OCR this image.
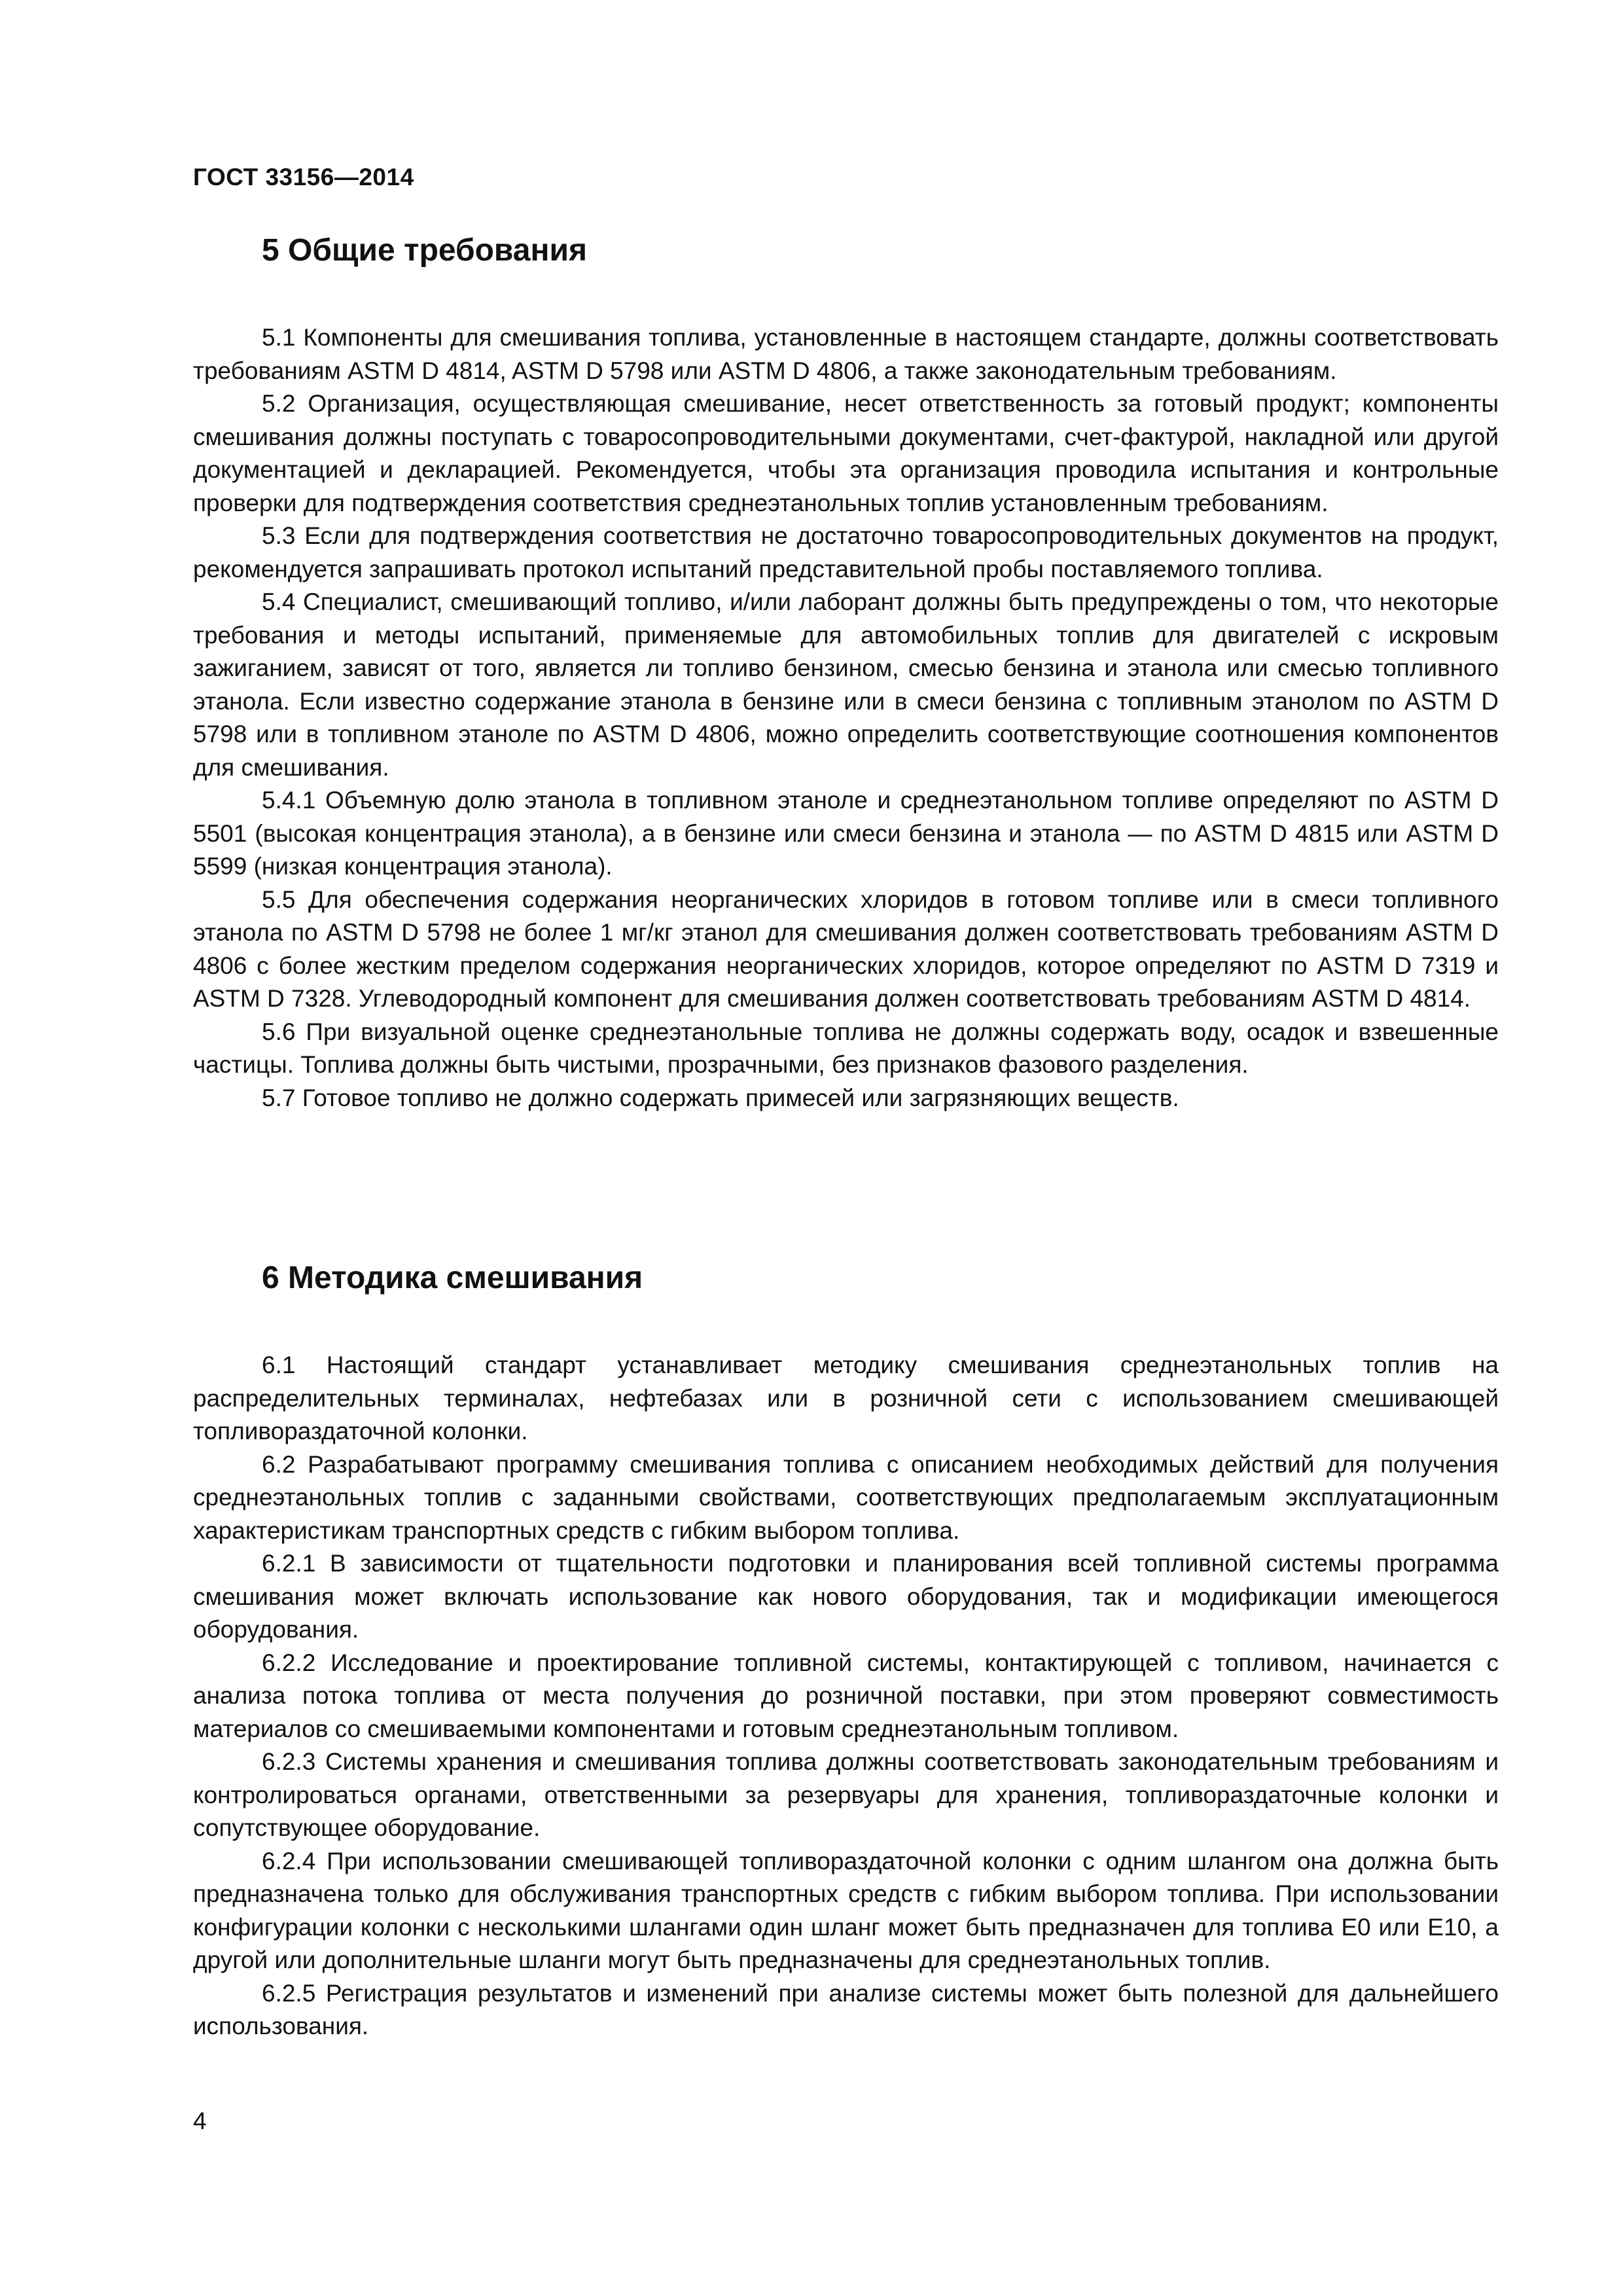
ГОСТ 33156—2014

5 Общие требования

5.1 Компоненты для смешивания топлива, установленные в настоящем стандарте, должны соответствовать требованиям ASTM D 4814, ASTM D 5798 или ASTM D 4806, а также законодательным требованиям.

5.2 Организация, осуществляющая смешивание, несет ответственность за готовый продукт; компоненты смешивания должны поступать с товаросопроводительными документами, счет-фактурой, накладной или другой документацией и декларацией. Рекомендуется, чтобы эта организация проводила испытания и контрольные проверки для подтверждения соответствия среднеэтанольных топлив установленным требованиям.

5.3 Если для подтверждения соответствия не достаточно товаросопроводительных документов на продукт, рекомендуется запрашивать протокол испытаний представительной пробы поставляемого топлива.

5.4 Специалист, смешивающий топливо, и/или лаборант должны быть предупреждены о том, что некоторые требования и методы испытаний, применяемые для автомобильных топлив для двигателей с искровым зажиганием, зависят от того, является ли топливо бензином, смесью бензина и этанола или смесью топливного этанола. Если известно содержание этанола в бензине или в смеси бензина с топливным этанолом по ASTM D 5798 или в топливном этаноле по ASTM D 4806, можно определить соответствующие соотношения компонентов для смешивания.

5.4.1 Объемную долю этанола в топливном этаноле и среднеэтанольном топливе определяют по ASTM D 5501 (высокая концентрация этанола), а в бензине или смеси бензина и этанола — по ASTM D 4815 или ASTM D 5599 (низкая концентрация этанола).

5.5 Для обеспечения содержания неорганических хлоридов в готовом топливе или в смеси топливного этанола по ASTM D 5798 не более 1 мг/кг этанол для смешивания должен соответствовать требованиям ASTM D 4806 с более жестким пределом содержания неорганических хлоридов, которое определяют по ASTM D 7319 и ASTM D 7328. Углеводородный компонент для смешивания должен соответствовать требованиям ASTM D 4814.

5.6 При визуальной оценке среднеэтанольные топлива не должны содержать воду, осадок и взвешенные частицы. Топлива должны быть чистыми, прозрачными, без признаков фазового разделения.

5.7 Готовое топливо не должно содержать примесей или загрязняющих веществ.

6 Методика смешивания

6.1 Настоящий стандарт устанавливает методику смешивания среднеэтанольных топлив на распределительных терминалах, нефтебазах или в розничной сети с использованием смешивающей топливораздаточной колонки.

6.2 Разрабатывают программу смешивания топлива с описанием необходимых действий для получения среднеэтанольных топлив с заданными свойствами, соответствующих предполагаемым эксплуатационным характеристикам транспортных средств с гибким выбором топлива.

6.2.1 В зависимости от тщательности подготовки и планирования всей топливной системы программа смешивания может включать использование как нового оборудования, так и модификации имеющегося оборудования.

6.2.2 Исследование и проектирование топливной системы, контактирующей с топливом, начинается с анализа потока топлива от места получения до розничной поставки, при этом проверяют совместимость материалов со смешиваемыми компонентами и готовым среднеэтанольным топливом.

6.2.3 Системы хранения и смешивания топлива должны соответствовать законодательным требованиям и контролироваться органами, ответственными за резервуары для хранения, топливораздаточные колонки и сопутствующее оборудование.

6.2.4 При использовании смешивающей топливораздаточной колонки с одним шлангом она должна быть предназначена только для обслуживания транспортных средств с гибким выбором топлива. При использовании конфигурации колонки с несколькими шлангами один шланг может быть предназначен для топлива Е0 или Е10, а другой или дополнительные шланги могут быть предназначены для среднеэтанольных топлив.

6.2.5 Регистрация результатов и изменений при анализе системы может быть полезной для дальнейшего использования.

4
